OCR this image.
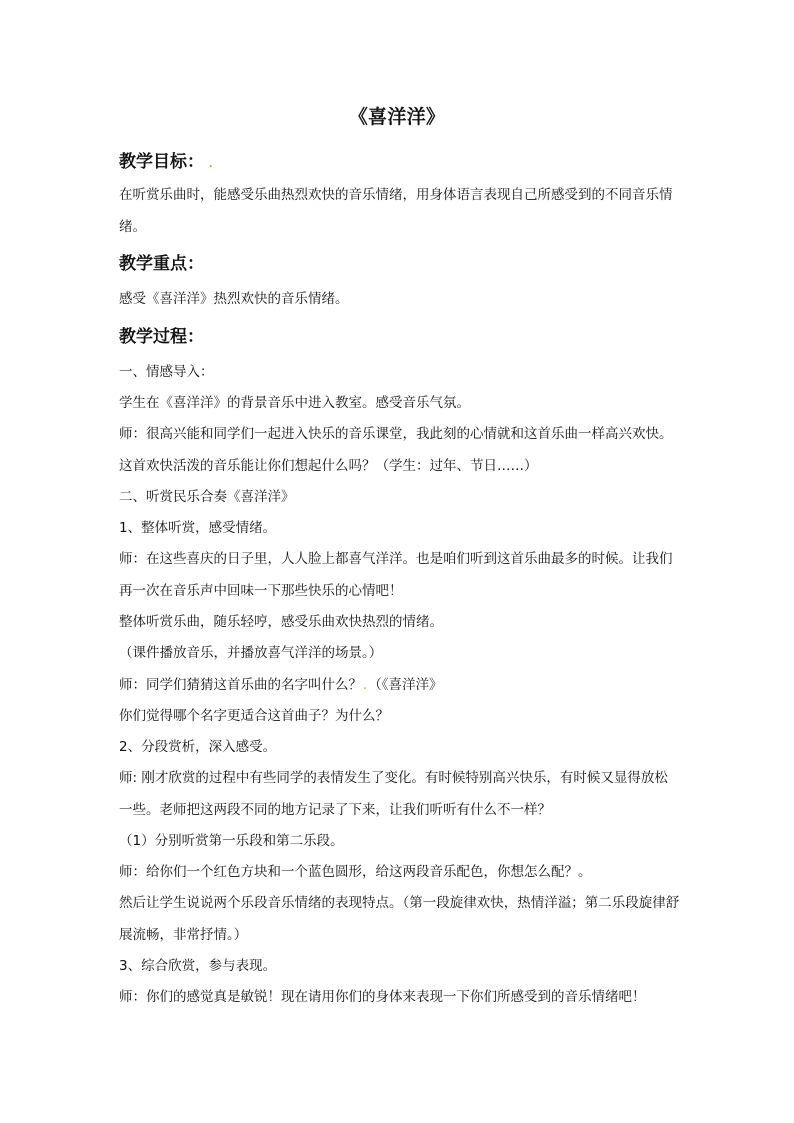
《喜洋洋》
教学目标： .
在听赏乐曲时，能感受乐曲热烈欢快的音乐情绪，用身体语言表现自己所感受到的不同音乐情绪。
教学重点：
感受《喜洋洋》热烈欢快的音乐情绪。
教学过程：
一、情感导入：
学生在《喜洋洋》的背景音乐中进入教室。感受音乐气氛。
师：很高兴能和同学们一起进入快乐的音乐课堂，我此刻的心情就和这首乐曲一样高兴欢快。这首欢快活泼的音乐能让你们想起什么吗？（学生：过年、节日……）
二、听赏民乐合奏《喜洋洋》
1、整体听赏，感受情绪。
师：在这些喜庆的日子里，人人脸上都喜气洋洋。也是咱们听到这首乐曲最多的时候。让我们再一次在音乐声中回味一下那些快乐的心情吧！
整体听赏乐曲，随乐轻哼，感受乐曲欢快热烈的情绪。
（课件播放音乐，并播放喜气洋洋的场景。）
师：同学们猜猜这首乐曲的名字叫什么？.（《喜洋洋》
你们觉得哪个名字更适合这首曲子？为什么？
2、分段赏析，深入感受。
师: 刚才欣赏的过程中有些同学的表情发生了变化。有时候特别高兴快乐，有时候又显得放松一些。老师把这两段不同的地方记录了下来，让我们听听有什么不一样？
（1）分别听赏第一乐段和第二乐段。
师：给你们一个红色方块和一个蓝色圆形，给这两段音乐配色，你想怎么配？。
然后让学生说说两个乐段音乐情绪的表现特点。（第一段旋律欢快，热情洋溢；第二乐段旋律舒展流畅，非常抒情。）
3、综合欣赏，参与表现。
师：你们的感觉真是敏锐！现在请用你们的身体来表现一下你们所感受到的音乐情绪吧！
